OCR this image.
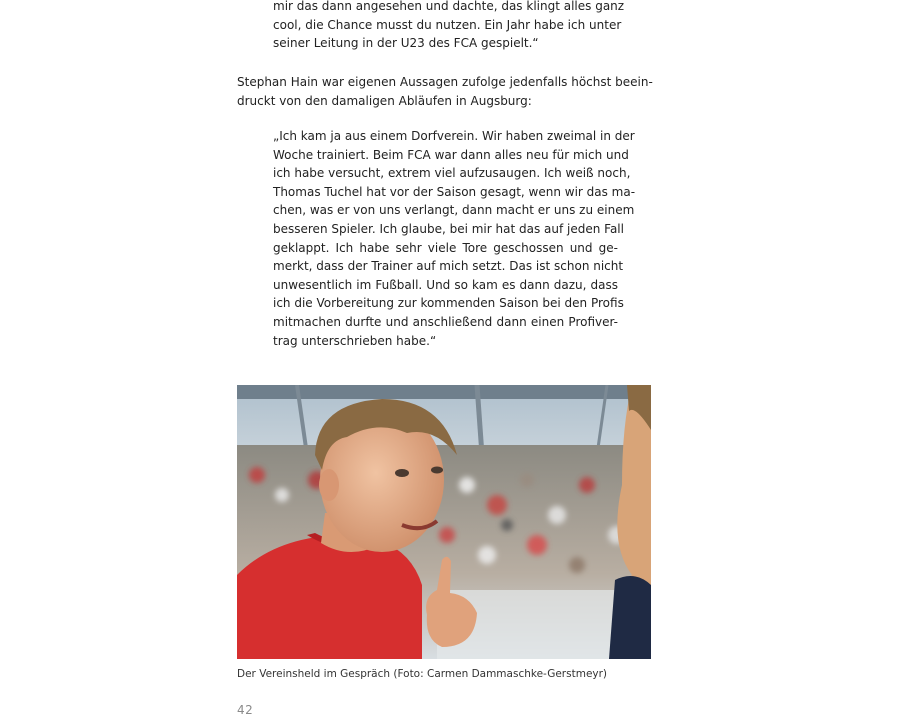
mir das dann angesehen und dachte, das klingt alles ganz
cool, die Chance musst du nutzen. Ein Jahr habe ich unter
seiner Leitung in der U23 des FCA gespielt.“
Stephan Hain war eigenen Aussagen zufolge jedenfalls höchst beein-
druckt von den damaligen Abläufen in Augsburg:
„Ich kam ja aus einem Dorfverein. Wir haben zweimal in der
Woche trainiert. Beim FCA war dann alles neu für mich und
ich habe versucht, extrem viel aufzusaugen. Ich weiß noch,
Thomas Tuchel hat vor der Saison gesagt, wenn wir das ma-
chen, was er von uns verlangt, dann macht er uns zu einem
besseren Spieler. Ich glaube, bei mir hat das auf jeden Fall
geklappt. Ich habe sehr viele Tore geschossen und ge-
merkt, dass der Trainer auf mich setzt. Das ist schon nicht
unwesentlich im Fußball. Und so kam es dann dazu, dass
ich die Vorbereitung zur kommenden Saison bei den Profis
mitmachen durfte und anschließend dann einen Profiver-
trag unterschrieben habe.“
Der Vereinsheld im Gespräch (Foto: Carmen Dammaschke-Gerstmeyr)
42
